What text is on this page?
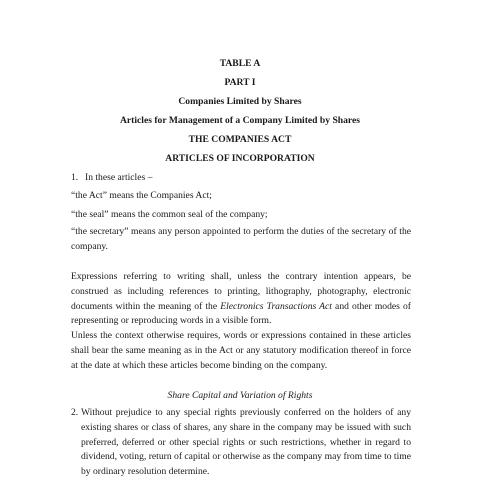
TABLE A
PART I
Companies Limited by Shares
Articles for Management of a Company Limited by Shares
THE COMPANIES ACT
ARTICLES OF INCORPORATION
1. In these articles –
“the Act” means the Companies Act;
“the seal” means the common seal of the company;
“the secretary” means any person appointed to perform the duties of the secretary of the company.
Expressions referring to writing shall, unless the contrary intention appears, be construed as including references to printing, lithography, photography, electronic documents within the meaning of the Electronics Transactions Act and other modes of representing or reproducing words in a visible form.
Unless the context otherwise requires, words or expressions contained in these articles shall bear the same meaning as in the Act or any statutory modification thereof in force at the date at which these articles become binding on the company.
Share Capital and Variation of Rights
2. Without prejudice to any special rights previously conferred on the holders of any existing shares or class of shares, any share in the company may be issued with such preferred, deferred or other special rights or such restrictions, whether in regard to dividend, voting, return of capital or otherwise as the company may from time to time by ordinary resolution determine.
